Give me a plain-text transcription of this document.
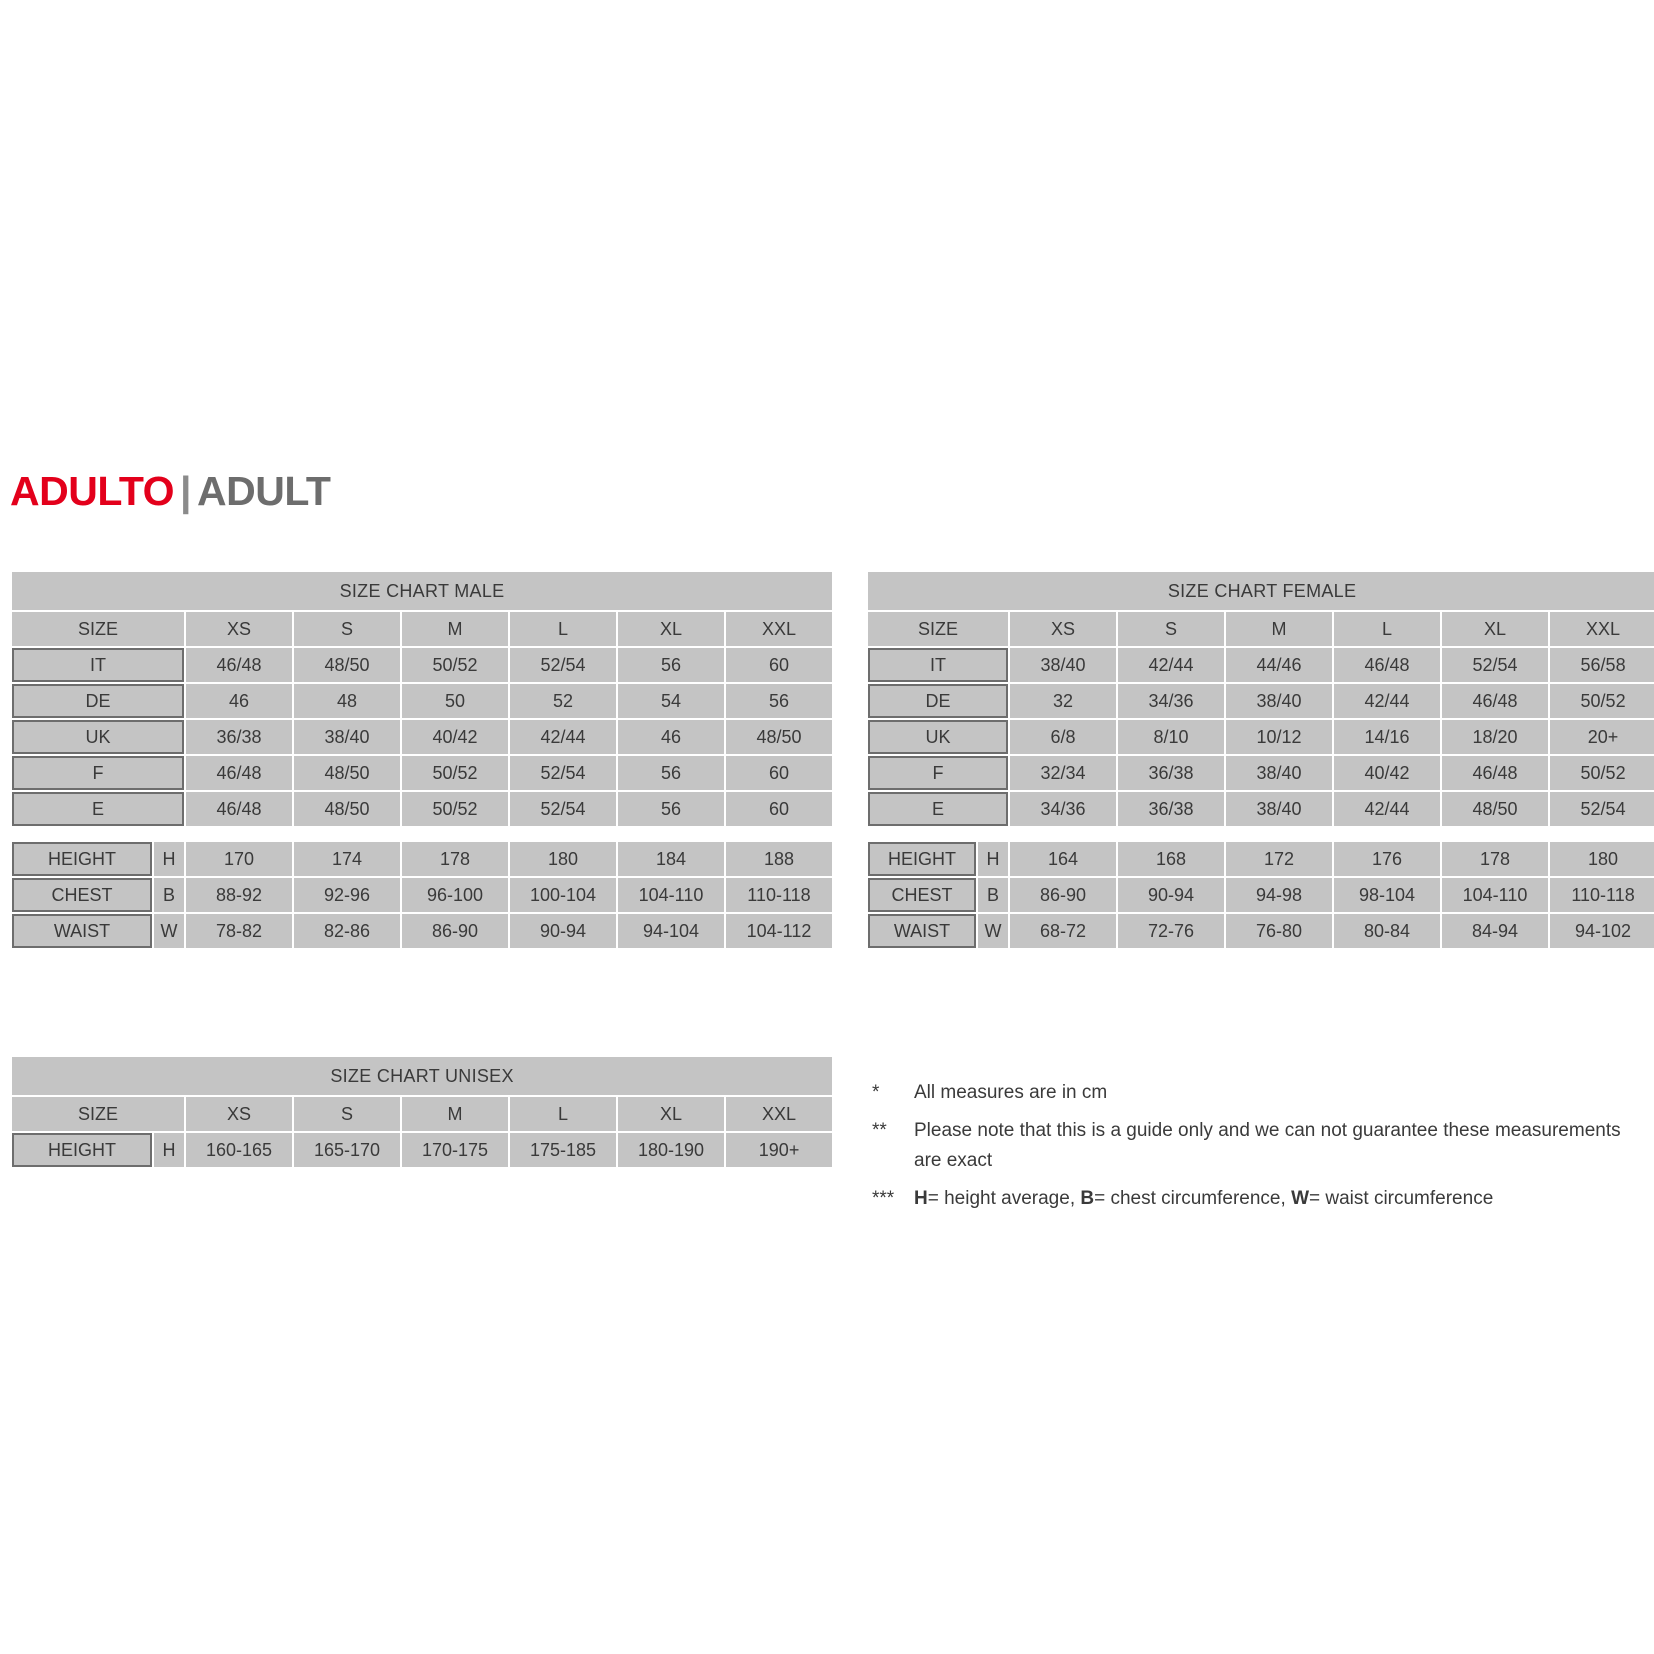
ADULTO | ADULT
SIZE CHART MALE							
SIZE		XS	S	M	L	XL	XXL
IT		46/48	48/50	50/52	52/54	56	60
DE		46	48	50	52	54	56
UK		36/38	38/40	40/42	42/44	46	48/50
F		46/48	48/50	50/52	52/54	56	60
E		46/48	48/50	50/52	52/54	56	60

HEIGHT	H	170	174	178	180	184	188
CHEST	B	88-92	92-96	96-100	100-104	104-110	110-118
WAIST	W	78-82	82-86	86-90	90-94	94-104	104-112
SIZE CHART FEMALE							
SIZE		XS	S	M	L	XL	XXL
IT		38/40	42/44	44/46	46/48	52/54	56/58
DE		32	34/36	38/40	42/44	46/48	50/52
UK		6/8	8/10	10/12	14/16	18/20	20+
F		32/34	36/38	38/40	40/42	46/48	50/52
E		34/36	36/38	38/40	42/44	48/50	52/54

HEIGHT	H	164	168	172	176	178	180
CHEST	B	86-90	90-94	94-98	98-104	104-110	110-118
WAIST	W	68-72	72-76	76-80	80-84	84-94	94-102
SIZE CHART UNISEX							
SIZE		XS	S	M	L	XL	XXL
HEIGHT	H	160-165	165-170	170-175	175-185	180-190	190+
*	All measures are in cm
**	Please note that this is a guide only and we can not guarantee these measurements are exact
***	H= height average, B= chest circumference, W= waist circumference
